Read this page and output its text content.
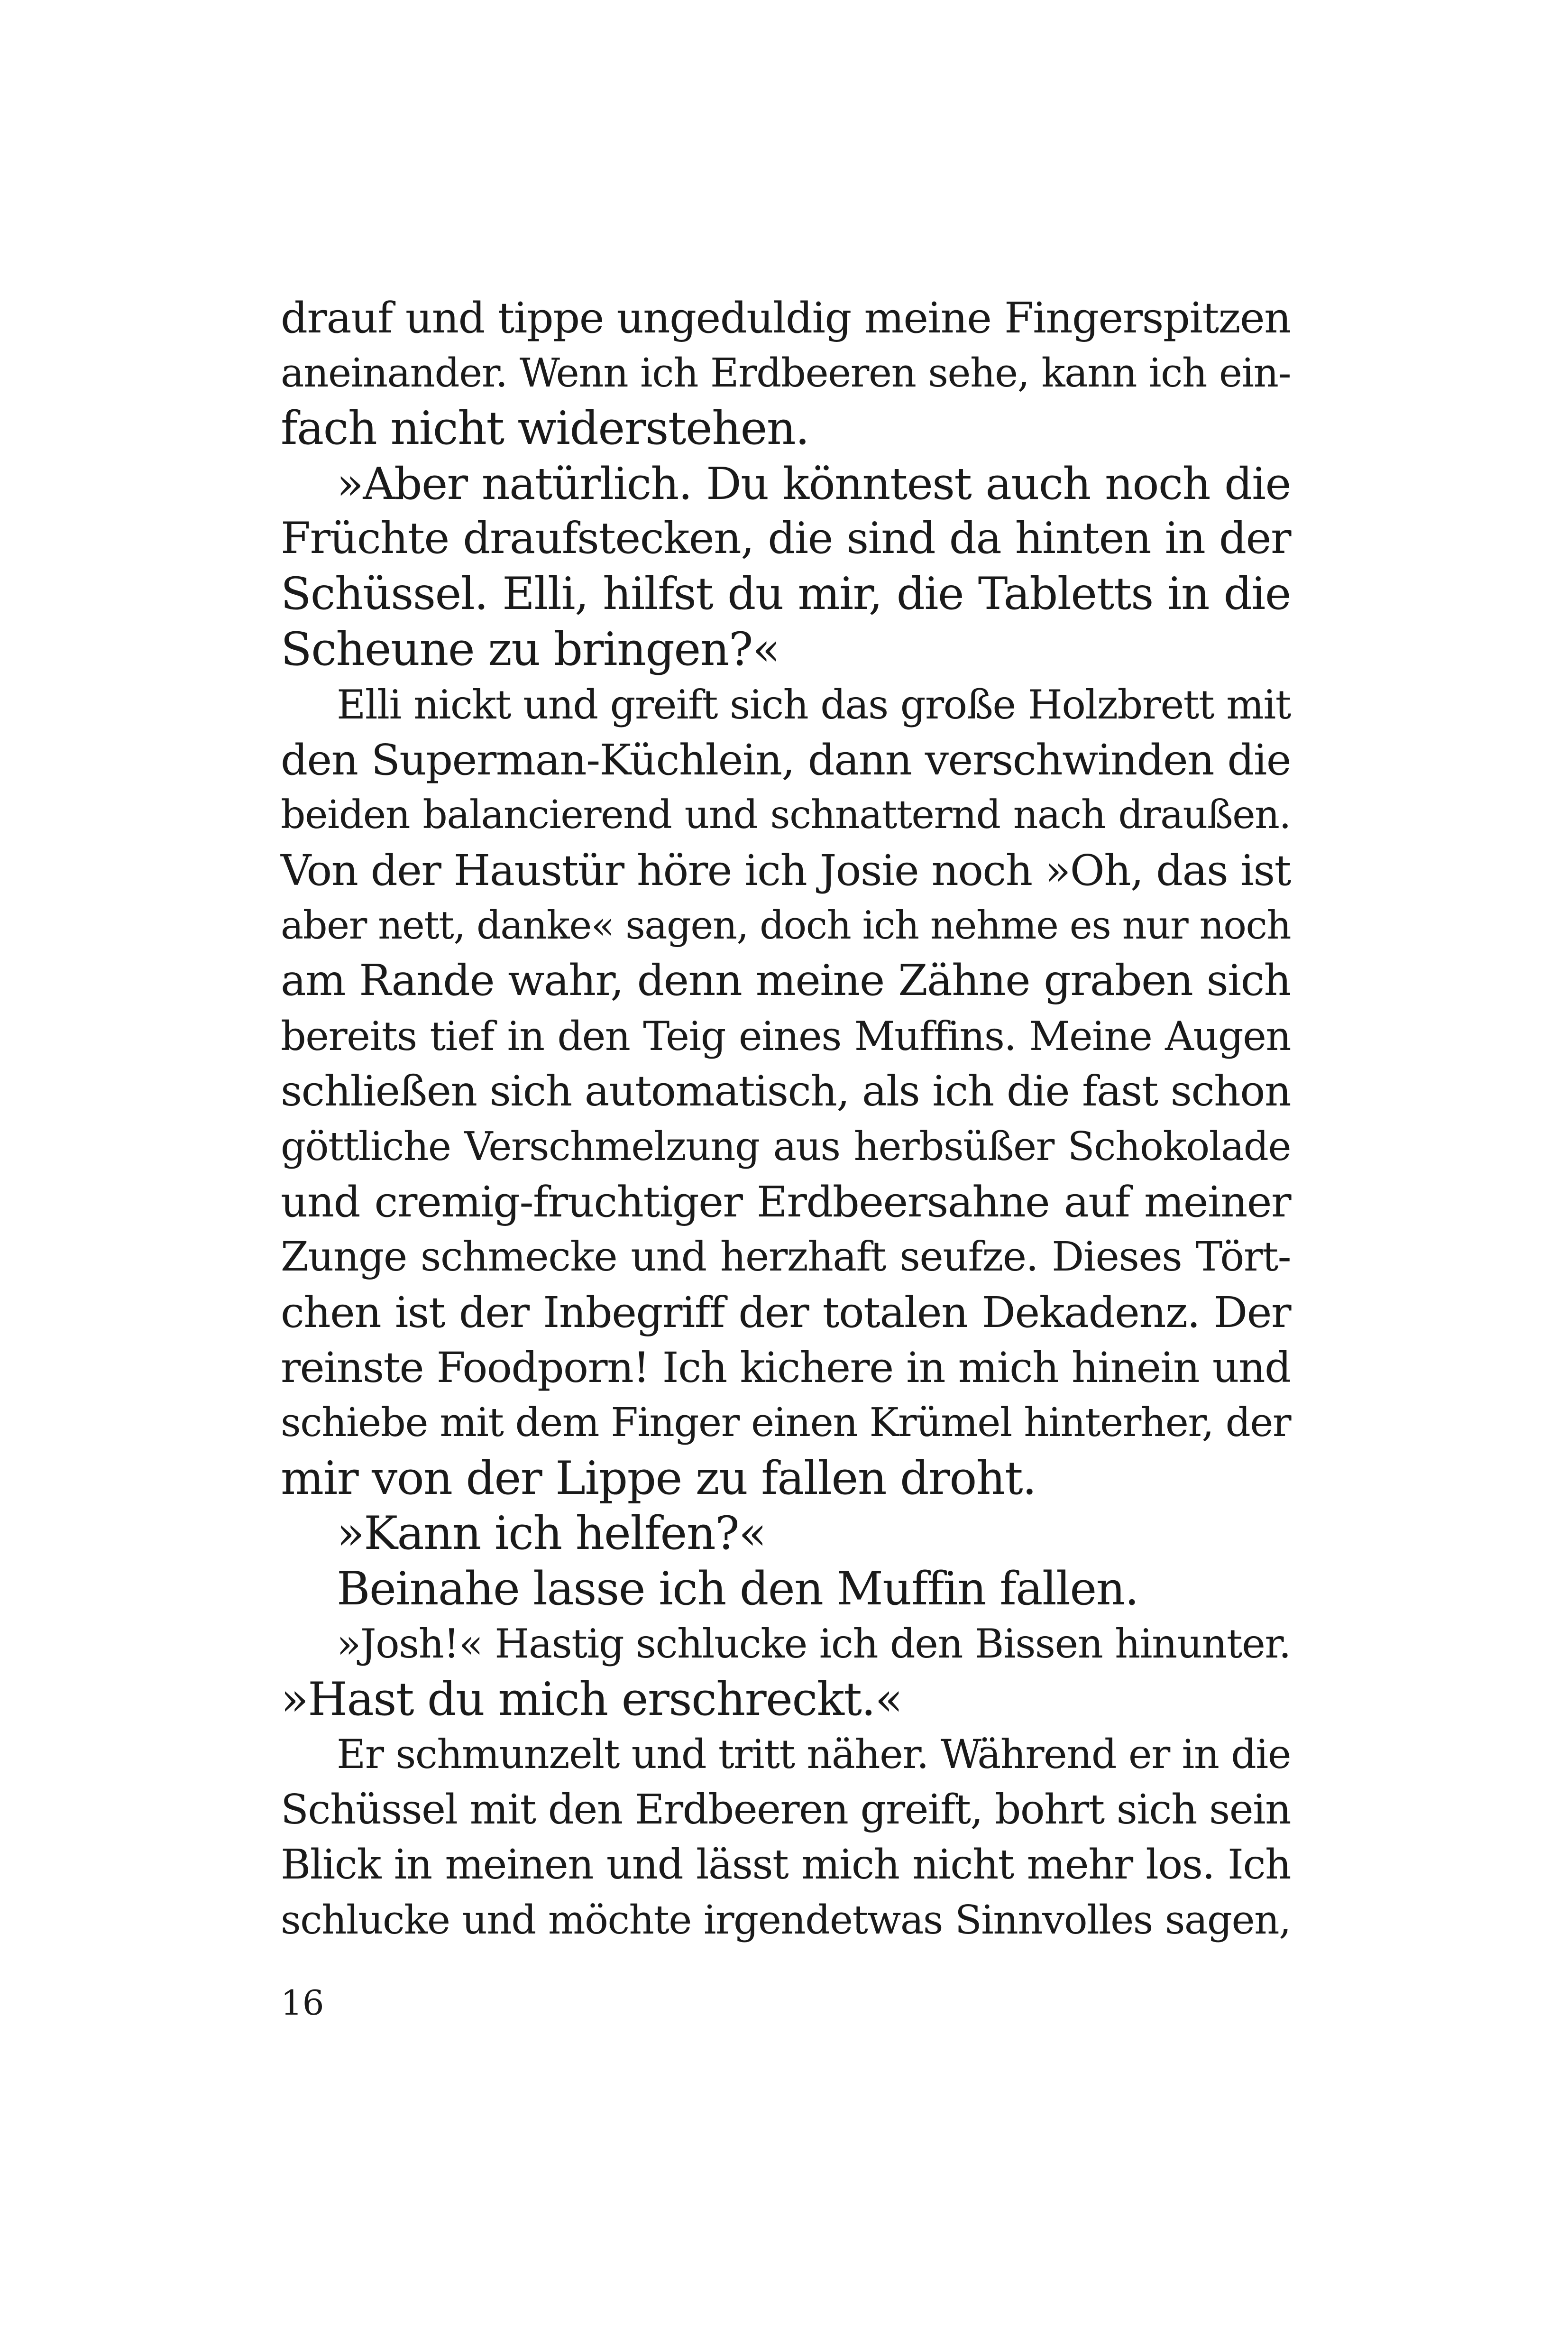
drauf und tippe ungeduldig meine Fingerspitzen
aneinander. Wenn ich Erdbeeren sehe, kann ich ein-
fach nicht widerstehen.
»Aber natürlich. Du könntest auch noch die
Früchte draufstecken, die sind da hinten in der
Schüssel. Elli, hilfst du mir, die Tabletts in die
Scheune zu bringen?«
Elli nickt und greift sich das große Holzbrett mit
den Superman-Küchlein, dann verschwinden die
beiden balancierend und schnatternd nach draußen.
Von der Haustür höre ich Josie noch »Oh, das ist
aber nett, danke« sagen, doch ich nehme es nur noch
am Rande wahr, denn meine Zähne graben sich
bereits tief in den Teig eines Muffins. Meine Augen
schließen sich automatisch, als ich die fast schon
göttliche Verschmelzung aus herbsüßer Schokolade
und cremig-fruchtiger Erdbeersahne auf meiner
Zunge schmecke und herzhaft seufze. Dieses Tört-
chen ist der Inbegriff der totalen Dekadenz. Der
reinste Foodporn! Ich kichere in mich hinein und
schiebe mit dem Finger einen Krümel hinterher, der
mir von der Lippe zu fallen droht.
»Kann ich helfen?«
Beinahe lasse ich den Muffin fallen.
»Josh!« Hastig schlucke ich den Bissen hinunter.
»Hast du mich erschreckt.«
Er schmunzelt und tritt näher. Während er in die
Schüssel mit den Erdbeeren greift, bohrt sich sein
Blick in meinen und lässt mich nicht mehr los. Ich
schlucke und möchte irgendetwas Sinnvolles sagen,
16
